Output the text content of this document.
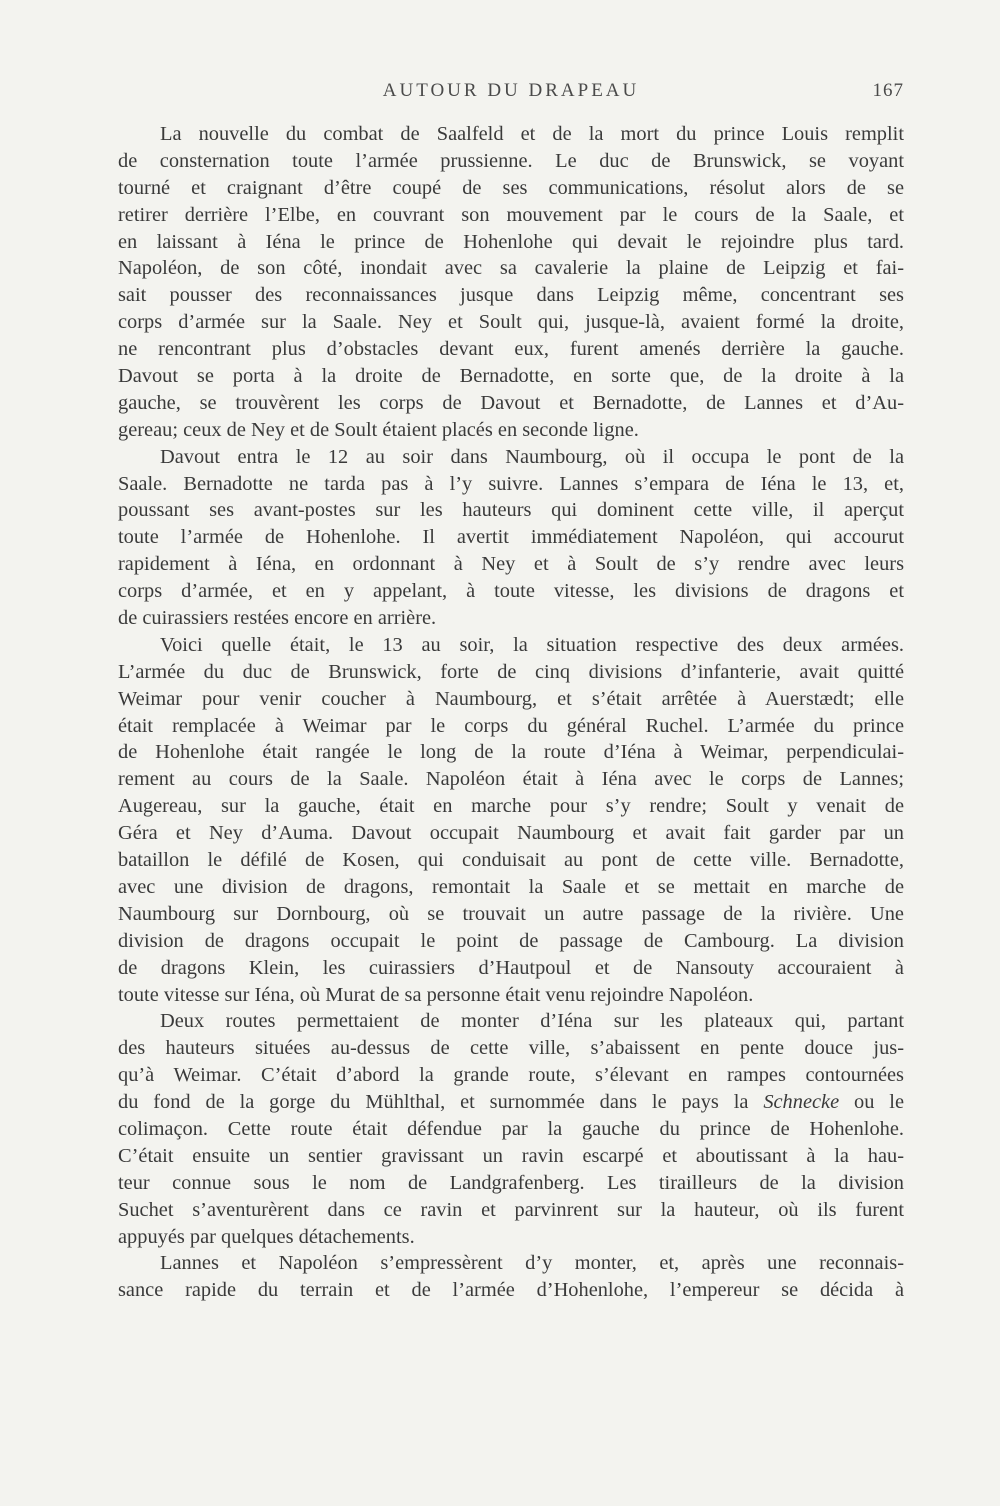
AUTOUR DU DRAPEAU	167
La nouvelle du combat de Saalfeld et de la mort du prince Louis remplit
de consternation toute l’armée prussienne. Le duc de Brunswick, se voyant
tourné et craignant d’être coupé de ses communications, résolut alors de se
retirer derrière l’Elbe, en couvrant son mouvement par le cours de la Saale, et
en laissant à Iéna le prince de Hohenlohe qui devait le rejoindre plus tard.
Napoléon, de son côté, inondait avec sa cavalerie la plaine de Leipzig et fai-
sait pousser des reconnaissances jusque dans Leipzig même, concentrant ses
corps d’armée sur la Saale. Ney et Soult qui, jusque-là, avaient formé la droite,
ne rencontrant plus d’obstacles devant eux, furent amenés derrière la gauche.
Davout se porta à la droite de Bernadotte, en sorte que, de la droite à la
gauche, se trouvèrent les corps de Davout et Bernadotte, de Lannes et d’Au-
gereau; ceux de Ney et de Soult étaient placés en seconde ligne.
Davout entra le 12 au soir dans Naumbourg, où il occupa le pont de la
Saale. Bernadotte ne tarda pas à l’y suivre. Lannes s’empara de Iéna le 13, et,
poussant ses avant-postes sur les hauteurs qui dominent cette ville, il aperçut
toute l’armée de Hohenlohe. Il avertit immédiatement Napoléon, qui accourut
rapidement à Iéna, en ordonnant à Ney et à Soult de s’y rendre avec leurs
corps d’armée, et en y appelant, à toute vitesse, les divisions de dragons et
de cuirassiers restées encore en arrière.
Voici quelle était, le 13 au soir, la situation respective des deux armées.
L’armée du duc de Brunswick, forte de cinq divisions d’infanterie, avait quitté
Weimar pour venir coucher à Naumbourg, et s’était arrêtée à Auerstædt; elle
était remplacée à Weimar par le corps du général Ruchel. L’armée du prince
de Hohenlohe était rangée le long de la route d’Iéna à Weimar, perpendiculai-
rement au cours de la Saale. Napoléon était à Iéna avec le corps de Lannes;
Augereau, sur la gauche, était en marche pour s’y rendre; Soult y venait de
Géra et Ney d’Auma. Davout occupait Naumbourg et avait fait garder par un
bataillon le défilé de Kosen, qui conduisait au pont de cette ville. Bernadotte,
avec une division de dragons, remontait la Saale et se mettait en marche de
Naumbourg sur Dornbourg, où se trouvait un autre passage de la rivière. Une
division de dragons occupait le point de passage de Cambourg. La division
de dragons Klein, les cuirassiers d’Hautpoul et de Nansouty accouraient à
toute vitesse sur Iéna, où Murat de sa personne était venu rejoindre Napoléon.
Deux routes permettaient de monter d’Iéna sur les plateaux qui, partant
des hauteurs situées au-dessus de cette ville, s’abaissent en pente douce jus-
qu’à Weimar. C’était d’abord la grande route, s’élevant en rampes contournées
du fond de la gorge du Mühlthal, et surnommée dans le pays la Schnecke ou le
colimaçon. Cette route était défendue par la gauche du prince de Hohenlohe.
C’était ensuite un sentier gravissant un ravin escarpé et aboutissant à la hau-
teur connue sous le nom de Landgrafenberg. Les tirailleurs de la division
Suchet s’aventurèrent dans ce ravin et parvinrent sur la hauteur, où ils furent
appuyés par quelques détachements.
Lannes et Napoléon s’empressèrent d’y monter, et, après une reconnais-
sance rapide du terrain et de l’armée d’Hohenlohe, l’empereur se décida à
